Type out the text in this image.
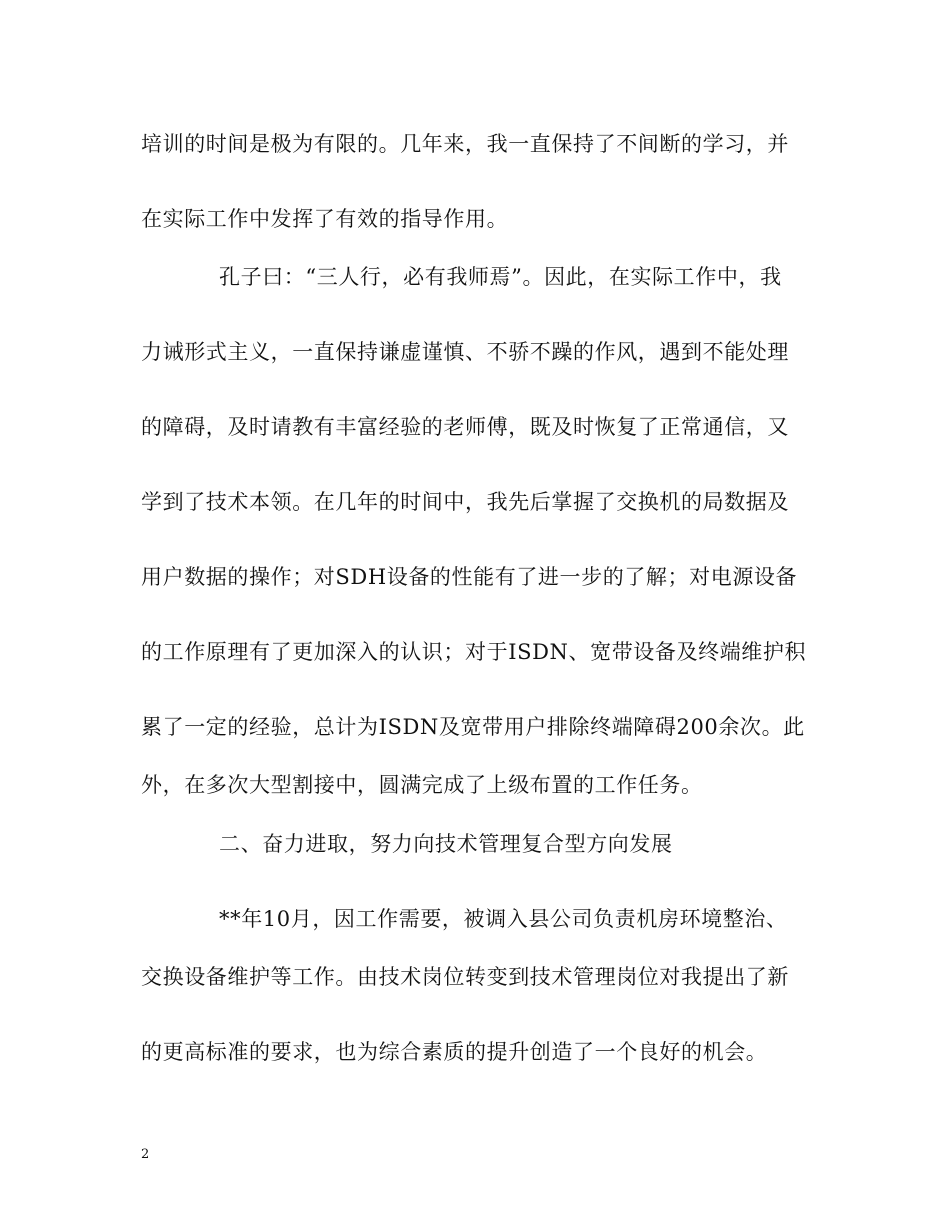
培训的时间是极为有限的。几年来，我一直保持了不间断的学习，并
在实际工作中发挥了有效的指导作用。
孔子曰：“三人行，必有我师焉”。因此，在实际工作中，我
力诫形式主义，一直保持谦虚谨慎、不骄不躁的作风，遇到不能处理
的障碍，及时请教有丰富经验的老师傅，既及时恢复了正常通信，又
学到了技术本领。在几年的时间中，我先后掌握了交换机的局数据及
用户数据的操作；对SDH设备的性能有了进一步的了解；对电源设备
的工作原理有了更加深入的认识；对于ISDN、宽带设备及终端维护积
累了一定的经验，总计为ISDN及宽带用户排除终端障碍200余次。此
外，在多次大型割接中，圆满完成了上级布置的工作任务。
二、奋力进取，努力向技术管理复合型方向发展
**年10月，因工作需要，被调入县公司负责机房环境整治、
交换设备维护等工作。由技术岗位转变到技术管理岗位对我提出了新
的更高标准的要求，也为综合素质的提升创造了一个良好的机会。
2
